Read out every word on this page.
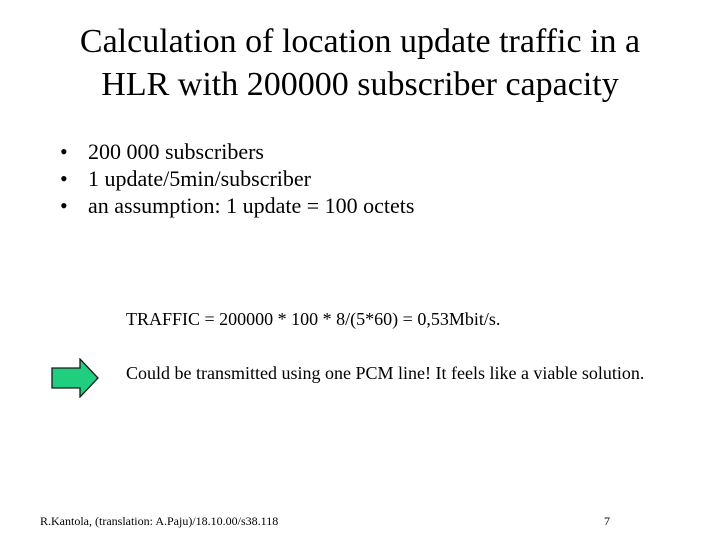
Calculation of location update traffic in a
HLR with 200000 subscriber capacity
• 200 000 subscribers
• 1 update/5min/subscriber
• an assumption: 1 update = 100 octets
TRAFFIC = 200000 * 100 * 8/(5*60) = 0,53Mbit/s.
Could be transmitted using one PCM line! It feels like a viable solution.
R.Kantola, (translation: A.Paju)/18.10.00/s38.118	7
